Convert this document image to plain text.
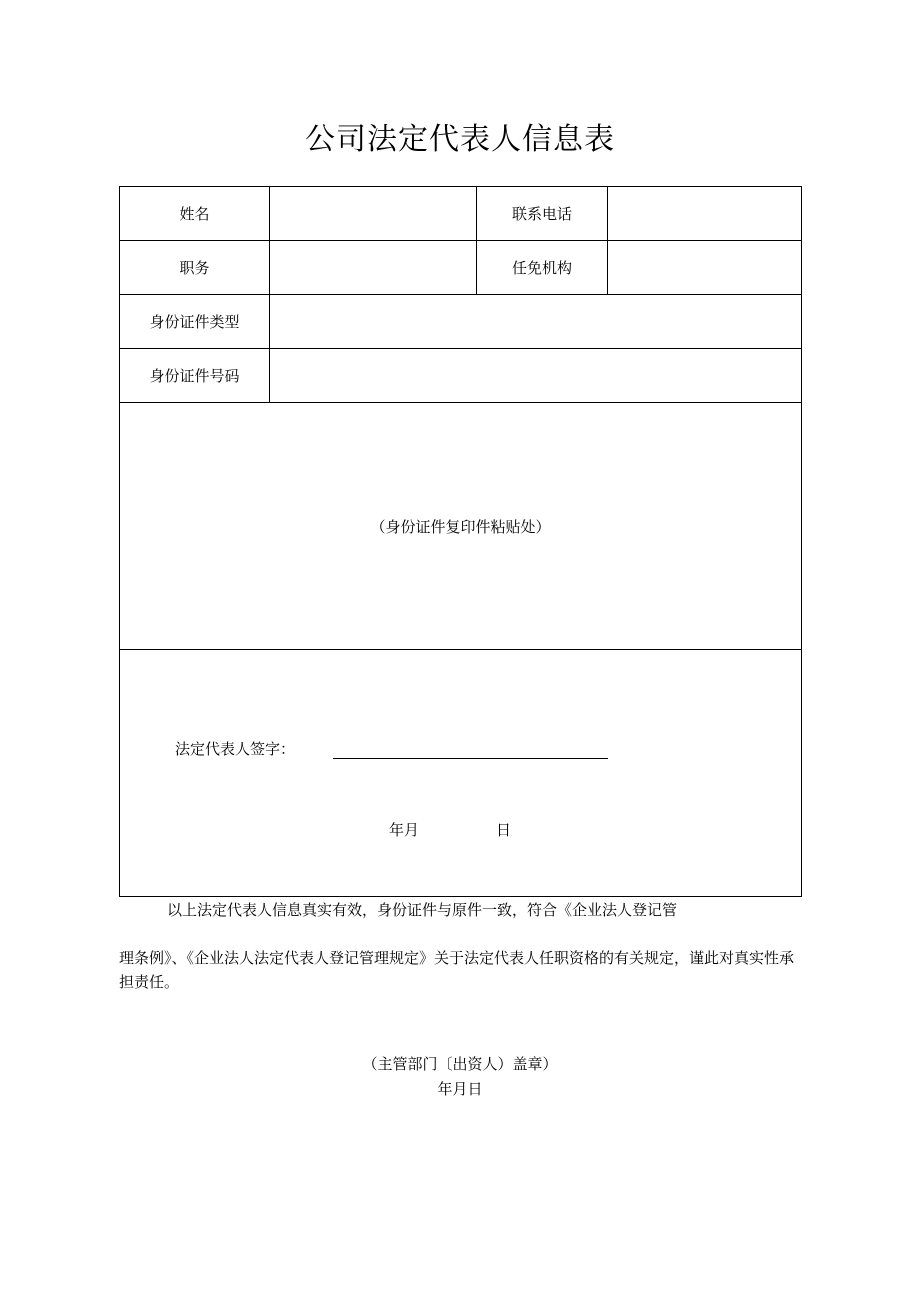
公司法定代表人信息表
姓名		联系电话	
职务		任免机构	
身份证件类型			
身份证件号码			
（身份证件复印件粘贴处）			

法定代表人签字：
年月 日			
以上法定代表人信息真实有效，身份证件与原件一致，符合《企业法人登记管
理条例》、《企业法人法定代表人登记管理规定》关于法定代表人任职资格的有关规定，谨此对真实性承担责任。
（主管部门〔出资人）盖章）
年月日
